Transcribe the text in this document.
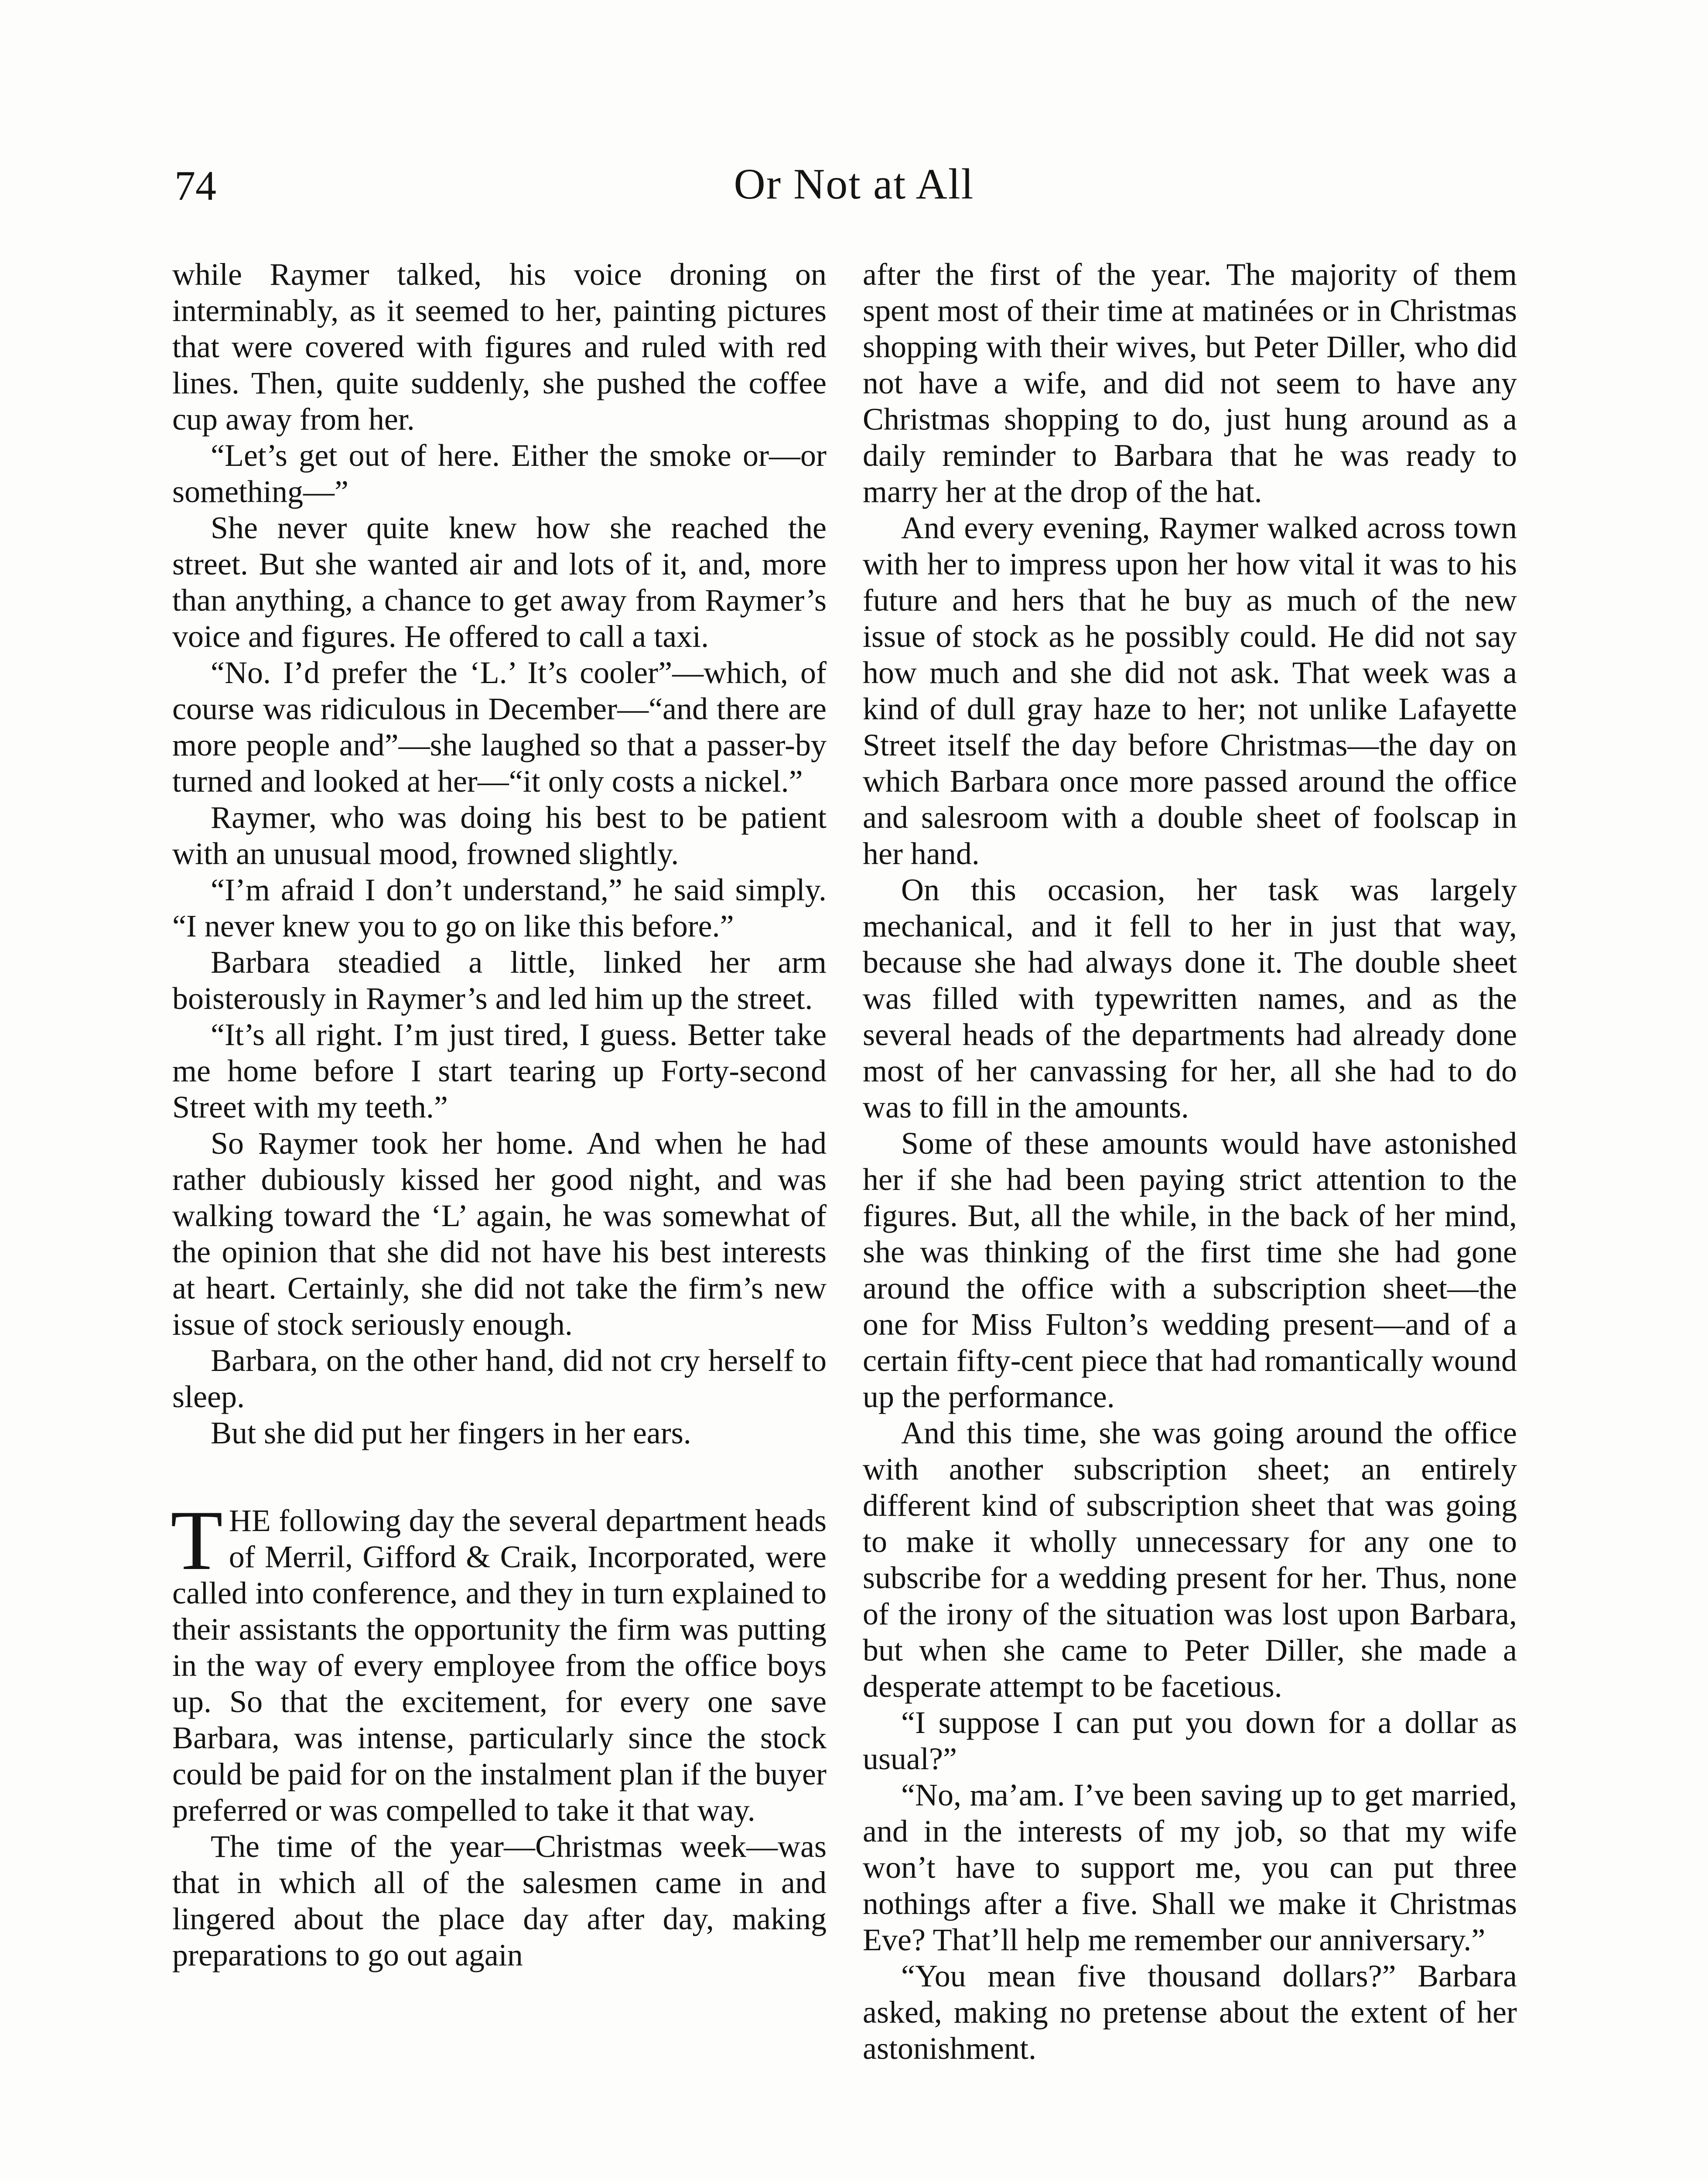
74	Or Not at All

while Raymer talked, his voice droning on interminably, as it seemed to her, painting pictures that were covered with figures and ruled with red lines. Then, quite suddenly, she pushed the coffee cup away from her.

“Let’s get out of here. Either the smoke or—or something—”

She never quite knew how she reached the street. But she wanted air and lots of it, and, more than anything, a chance to get away from Raymer’s voice and figures. He offered to call a taxi.

“No. I’d prefer the ‘L.’ It’s cooler”—which, of course was ridiculous in December—“and there are more people and”—she laughed so that a passer-by turned and looked at her—“it only costs a nickel.”

Raymer, who was doing his best to be patient with an unusual mood, frowned slightly.

“I’m afraid I don’t understand,” he said simply. “I never knew you to go on like this before.”

Barbara steadied a little, linked her arm boisterously in Raymer’s and led him up the street.

“It’s all right. I’m just tired, I guess. Better take me home before I start tearing up Forty-second Street with my teeth.”

So Raymer took her home. And when he had rather dubiously kissed her good night, and was walking toward the ‘L’ again, he was somewhat of the opinion that she did not have his best interests at heart. Certainly, she did not take the firm’s new issue of stock seriously enough.

Barbara, on the other hand, did not cry herself to sleep.

But she did put her fingers in her ears.

THE following day the several department heads of Merril, Gifford & Craik, Incorporated, were called into conference, and they in turn explained to their assistants the opportunity the firm was putting in the way of every employee from the office boys up. So that the excitement, for every one save Barbara, was intense, particularly since the stock could be paid for on the instalment plan if the buyer preferred or was compelled to take it that way.

The time of the year—Christmas week—was that in which all of the salesmen came in and lingered about the place day after day, making preparations to go out again

after the first of the year. The majority of them spent most of their time at matinées or in Christmas shopping with their wives, but Peter Diller, who did not have a wife, and did not seem to have any Christmas shopping to do, just hung around as a daily reminder to Barbara that he was ready to marry her at the drop of the hat.

And every evening, Raymer walked across town with her to impress upon her how vital it was to his future and hers that he buy as much of the new issue of stock as he possibly could. He did not say how much and she did not ask. That week was a kind of dull gray haze to her; not unlike Lafayette Street itself the day before Christmas—the day on which Barbara once more passed around the office and salesroom with a double sheet of foolscap in her hand.

On this occasion, her task was largely mechanical, and it fell to her in just that way, because she had always done it. The double sheet was filled with typewritten names, and as the several heads of the departments had already done most of her canvassing for her, all she had to do was to fill in the amounts.

Some of these amounts would have astonished her if she had been paying strict attention to the figures. But, all the while, in the back of her mind, she was thinking of the first time she had gone around the office with a subscription sheet—the one for Miss Fulton’s wedding present—and of a certain fifty-cent piece that had romantically wound up the performance.

And this time, she was going around the office with another subscription sheet; an entirely different kind of subscription sheet that was going to make it wholly unnecessary for any one to subscribe for a wedding present for her. Thus, none of the irony of the situation was lost upon Barbara, but when she came to Peter Diller, she made a desperate attempt to be facetious.

“I suppose I can put you down for a dollar as usual?”

“No, ma’am. I’ve been saving up to get married, and in the interests of my job, so that my wife won’t have to support me, you can put three nothings after a five. Shall we make it Christmas Eve? That’ll help me remember our anniversary.”

“You mean five thousand dollars?” Barbara asked, making no pretense about the extent of her astonishment.
